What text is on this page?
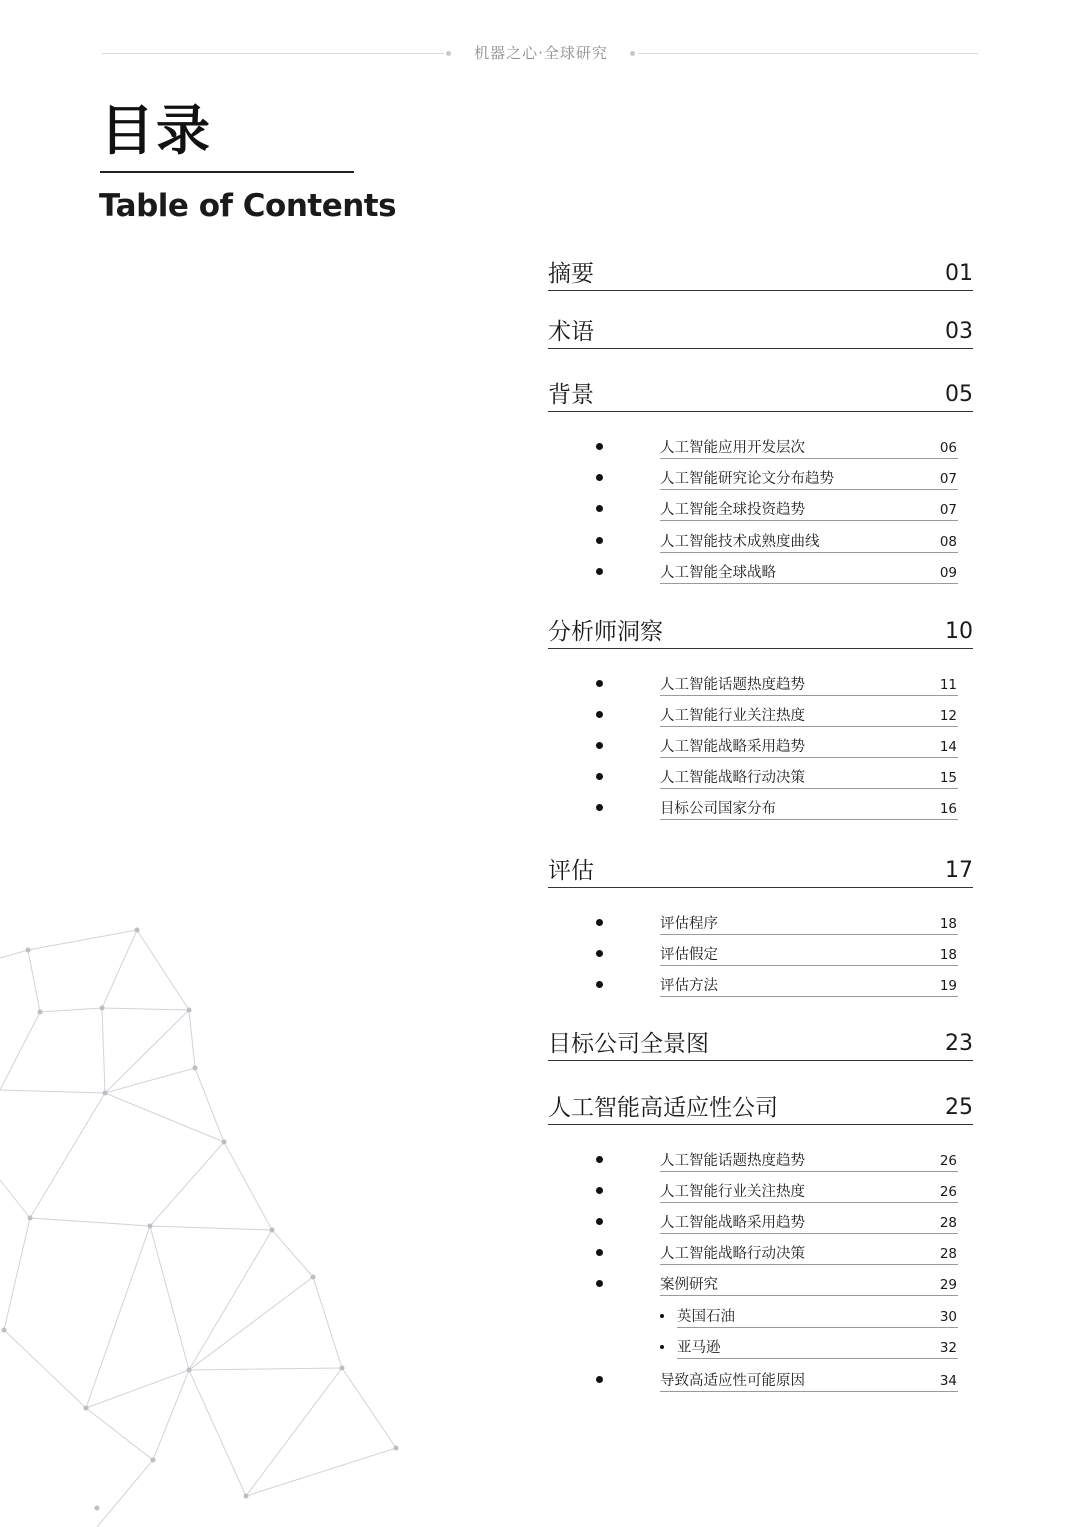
机器之心·全球研究
目录
Table of Contents
摘要	01
术语	03
背景	05
人工智能应用开发层次	06
人工智能研究论文分布趋势	07
人工智能全球投资趋势	07
人工智能技术成熟度曲线	08
人工智能全球战略	09
分析师洞察	10
人工智能话题热度趋势	11
人工智能行业关注热度	12
人工智能战略采用趋势	14
人工智能战略行动决策	15
目标公司国家分布	16
评估	17
评估程序	18
评估假定	18
评估方法	19
目标公司全景图	23
人工智能高适应性公司	25
人工智能话题热度趋势	26
人工智能行业关注热度	26
人工智能战略采用趋势	28
人工智能战略行动决策	28
案例研究	29
英国石油	30
亚马逊	32
导致高适应性可能原因	34
